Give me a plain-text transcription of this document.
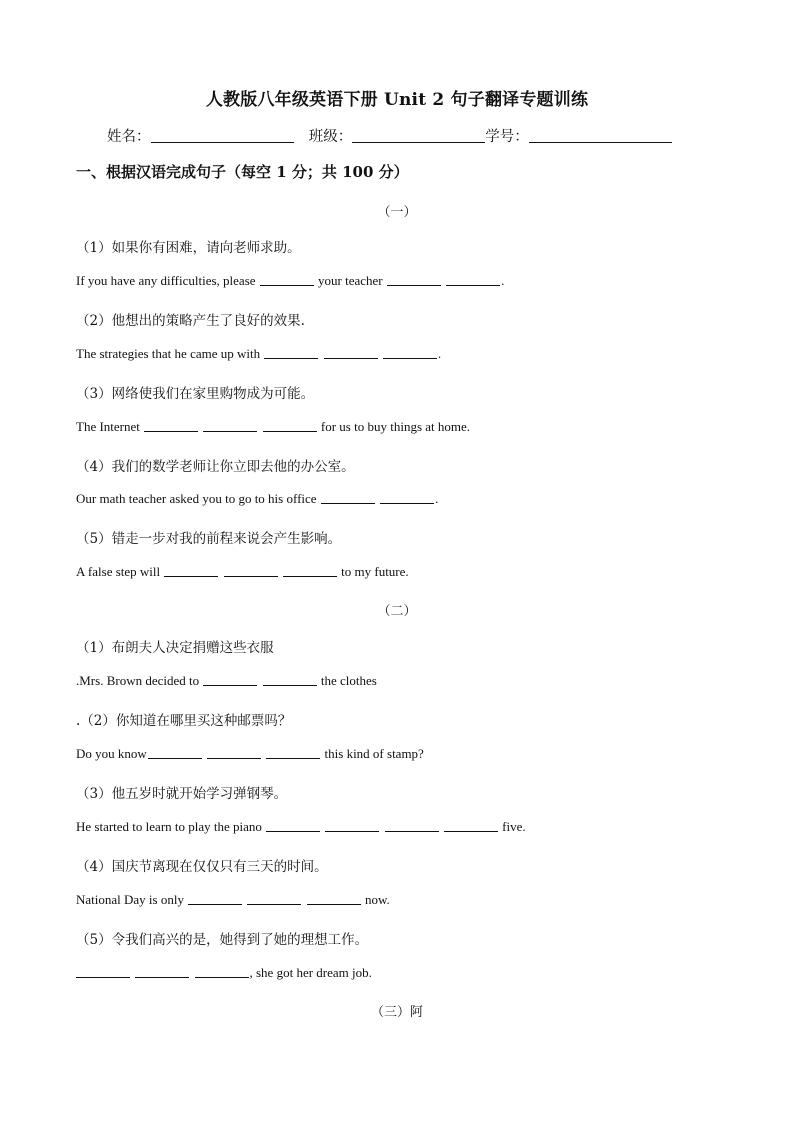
人教版八年级英语下册 Unit 2 句子翻译专题训练
姓名：	班级：	学号：
一、根据汉语完成句子（每空 1 分；共 100 分）
（一）
（1）如果你有困难，请向老师求助。
If you have any difficulties, please	your teacher	.
（2）他想出的策略产生了良好的效果.
The strategies that he came up with	.
（3）网络使我们在家里购物成为可能。
The Internet	for us to buy things at home.
（4）我们的数学老师让你立即去他的办公室。
Our math teacher asked you to go to his office	.
（5）错走一步对我的前程来说会产生影响。
A false step will	to my future.
（二）
（1）布朗夫人决定捐赠这些衣服
.Mrs. Brown decided to	the clothes
.（2）你知道在哪里买这种邮票吗？
Do you know	this kind of stamp?
（3）他五岁时就开始学习弹钢琴。
He started to learn to play the piano	five.
（4）国庆节离现在仅仅只有三天的时间。
National Day is only	now.
（5）令我们高兴的是，她得到了她的理想工作。
, she got her dream job.
（三）阿
